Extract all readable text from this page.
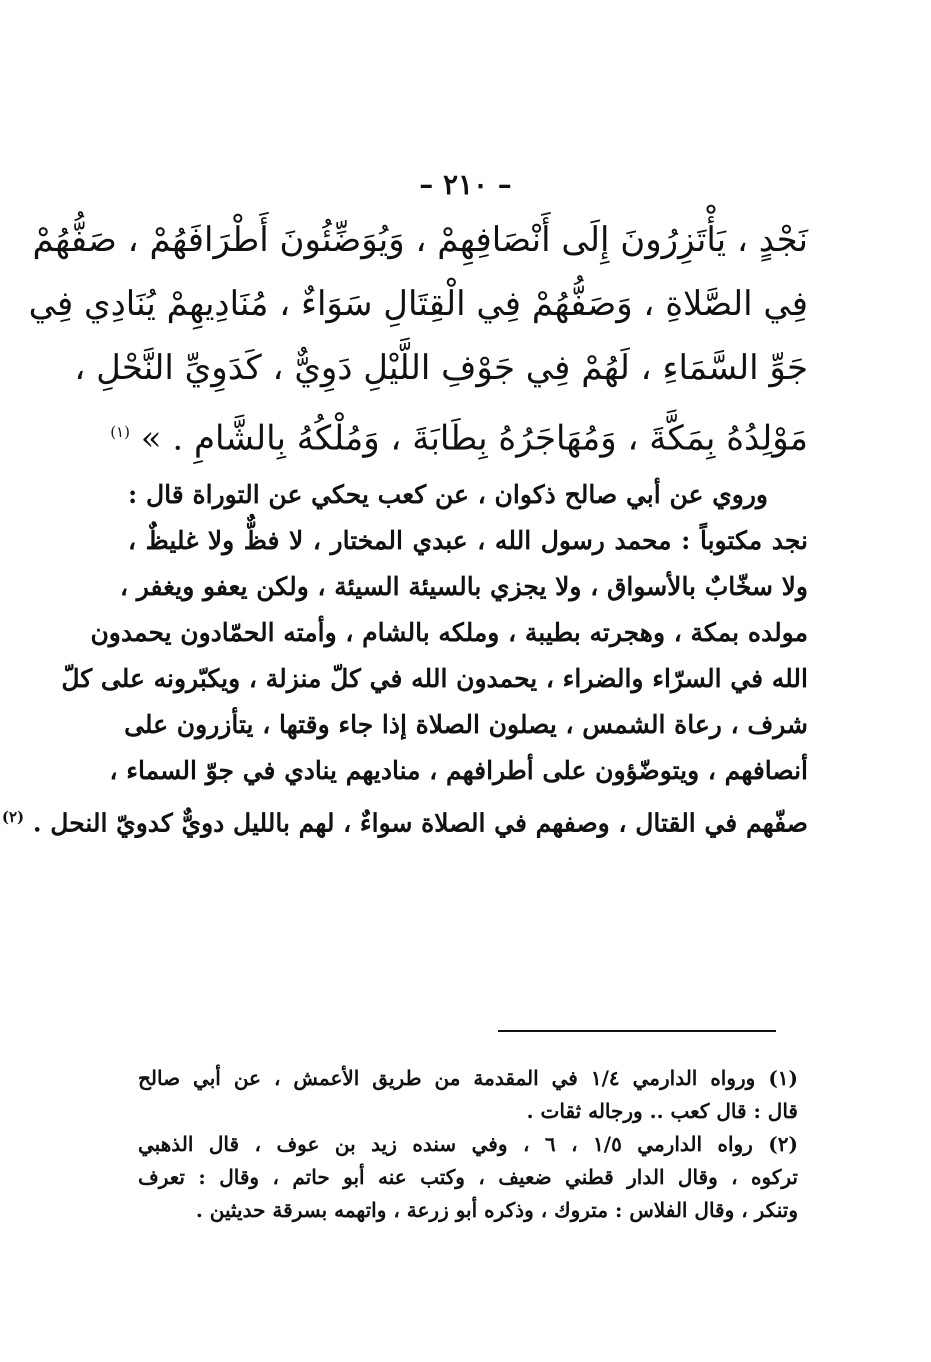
– ٢١٠ –
نَجْدٍ ، يَأْتَزِرُونَ إِلَى أَنْصَافِهِمْ ، وَيُوَضِّئُونَ أَطْرَافَهُمْ ، صَفُّهُمْ
فِي الصَّلاةِ ، وَصَفُّهُمْ فِي الْقِتَالِ سَوَاءٌ ، مُنَادِيهِمْ يُنَادِي فِي
جَوِّ السَّمَاءِ ، لَهُمْ فِي جَوْفِ اللَّيْلِ دَوِيٌّ ، كَدَوِيِّ النَّحْلِ ،
مَوْلِدُهُ بِمَكَّةَ ، وَمُهَاجَرُهُ بِطَابَةَ ، وَمُلْكُهُ بِالشَّامِ . » $^{(١)}$
وروي عن أبي صالح ذكوان ، عن كعب يحكي عن التوراة قال :
نجد مكتوباً : محمد رسول الله ، عبدي المختار ، لا فظٌّ ولا غليظٌ ،
ولا سخّابٌ بالأسواق ، ولا يجزي بالسيئة السيئة ، ولكن يعفو ويغفر ،
مولده بمكة ، وهجرته بطيبة ، وملكه بالشام ، وأمته الحمّادون يحمدون
الله في السرّاء والضراء ، يحمدون الله في كلّ منزلة ، ويكبّرونه على كلّ
شرف ، رعاة الشمس ، يصلون الصلاة إذا جاء وقتها ، يتأزرون على
أنصافهم ، ويتوضّؤون على أطرافهم ، مناديهم ينادي في جوّ السماء ،
صفّهم في القتال ، وصفهم في الصلاة سواءٌ ، لهم بالليل دويٌّ كدويّ النحل . $^{(٢)}$
(١) ورواه الدارمي ١/٤ في المقدمة من طريق الأعمش ، عن أبي صالح
قال : قال كعب .. ورجاله ثقات .
(٢) رواه الدارمي ١/٥ ، ٦ ، وفي سنده زيد بن عوف ، قال الذهبي
تركوه ، وقال الدار قطني ضعيف ، وكتب عنه أبو حاتم ، وقال : تعرف
وتنكر ، وقال الفلاس : متروك ، وذكره أبو زرعة ، واتهمه بسرقة حديثين .
